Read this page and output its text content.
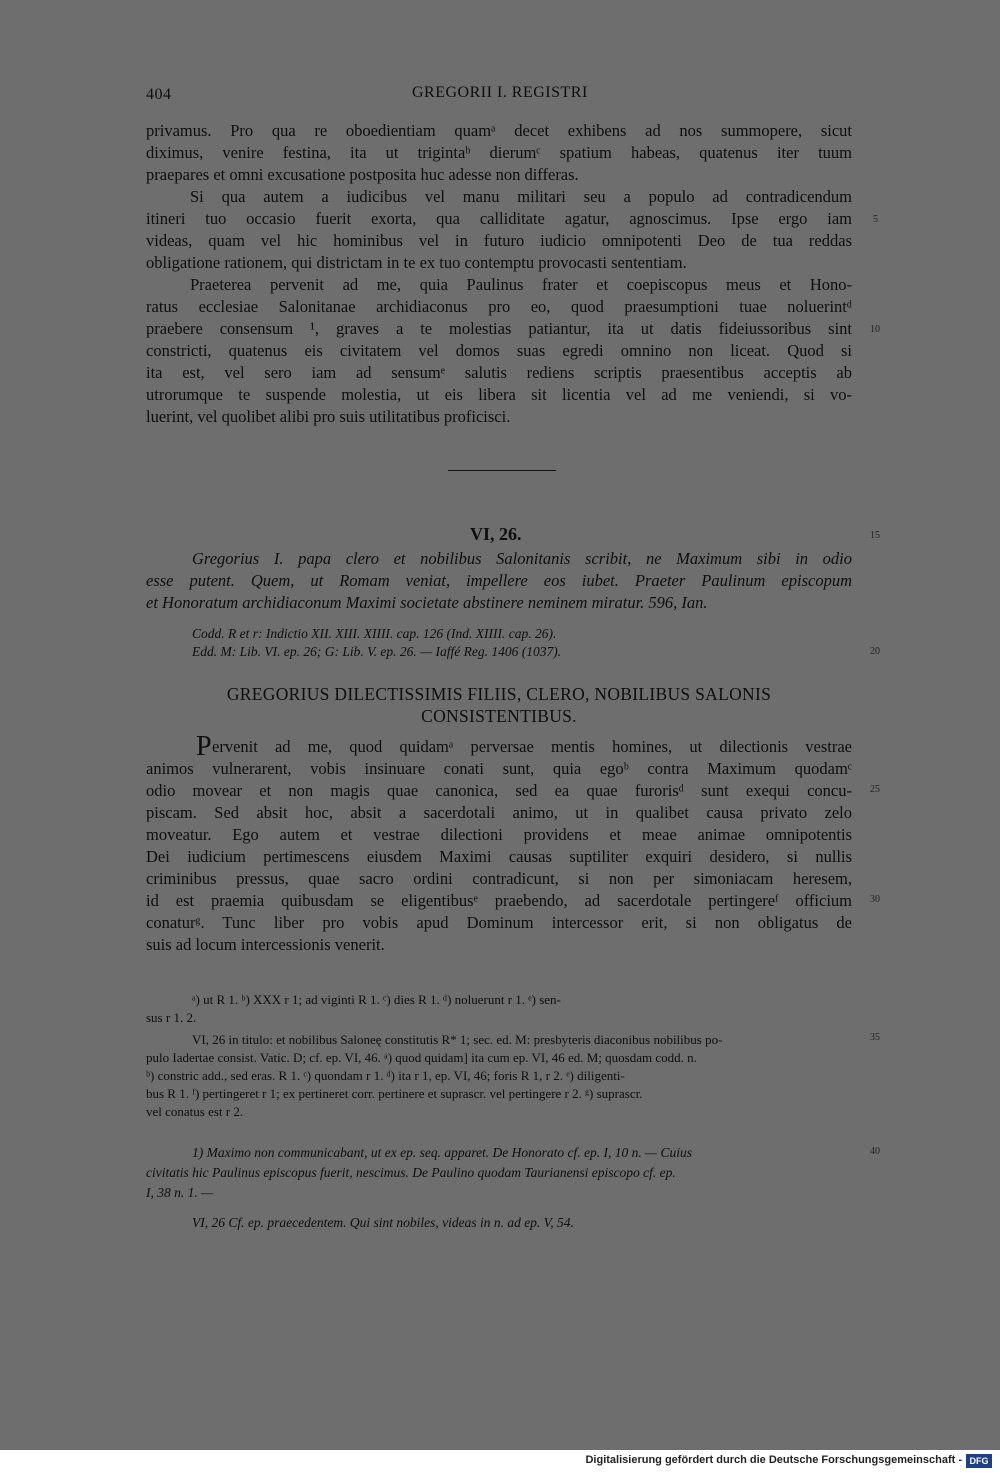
404	GREGORII I. REGISTRI
privamus. Pro qua re oboedientiam quamᵃ decet exhibens ad nos summopere, sicut
diximus, venire festina, ita ut trigintaᵇ dierumᶜ spatium habeas, quatenus iter tuum
praepares et omni excusatione postposita huc adesse non differas.
Si qua autem a iudicibus vel manu militari seu a populo ad contradicendum
itineri tuo occasio fuerit exorta, qua calliditate agatur, agnoscimus. Ipse ergo iam
videas, quam vel hic hominibus vel in futuro iudicio omnipotenti Deo de tua reddas
obligatione rationem, qui districtam in te ex tuo contemptu provocasti sententiam.
Praeterea pervenit ad me, quia Paulinus frater et coepiscopus meus et Hono-
ratus ecclesiae Salonitanae archidiaconus pro eo, quod praesumptioni tuae noluerintᵈ
praebere consensum ¹, graves a te molestias patiantur, ita ut datis fideiussoribus sint
constricti, quatenus eis civitatem vel domos suas egredi omnino non liceat. Quod si
ita est, vel sero iam ad sensumᵉ salutis rediens scriptis praesentibus acceptis ab
utrorumque te suspende molestia, ut eis libera sit licentia vel ad me veniendi, si vo-
luerint, vel quolibet alibi pro suis utilitatibus proficisci.
5
10
15
20
25
30
35
40
VI, 26.
Gregorius I. papa clero et nobilibus Salonitanis scribit, ne Maximum sibi in odio
esse putent. Quem, ut Romam veniat, impellere eos iubet. Praeter Paulinum episcopum
et Honoratum archidiaconum Maximi societate abstinere neminem miratur. 596, Ian.
Codd. R et r: Indictio XII. XIII. XIIII. cap. 126 (Ind. XIIII. cap. 26).
Edd. M: Lib. VI. ep. 26; G: Lib. V. ep. 26. — Iaffé Reg. 1406 (1037).
GREGORIUS DILECTISSIMIS FILIIS, CLERO, NOBILIBUS SALONIS
CONSISTENTIBUS.
P ervenit ad me, quod quidamᵃ perversae mentis homines, ut dilectionis vestrae
animos vulnerarent, vobis insinuare conati sunt, quia egoᵇ contra Maximum quodamᶜ
odio movear et non magis quae canonica, sed ea quae furorisᵈ sunt exequi concu-
piscam. Sed absit hoc, absit a sacerdotali animo, ut in qualibet causa privato zelo
moveatur. Ego autem et vestrae dilectioni providens et meae animae omnipotentis
Dei iudicium pertimescens eiusdem Maximi causas suptiliter exquiri desidero, si nullis
criminibus pressus, quae sacro ordini contradicunt, si non per simoniacam heresem,
id est praemia quibusdam se eligentibusᵉ praebendo, ad sacerdotale pertingereᶠ officium
conaturᵍ. Tunc liber pro vobis apud Dominum intercessor erit, si non obligatus de
suis ad locum intercessionis venerit.
ᵃ) ut R 1. ᵇ) XXX r 1; ad viginti R 1. ᶜ) dies R 1. ᵈ) noluerunt r 1. ᵉ) sen-
sus r 1. 2.
VI, 26 in titulo: et nobilibus Saloneę constitutis R* 1; sec. ed. M: presbyteris diaconibus nobilibus po-
pulo Iadertae consist. Vatic. D; cf. ep. VI, 46. ᵃ) quod quidam] ita cum ep. VI, 46 ed. M; quosdam codd. n.
ᵇ) constric add., sed eras. R 1. ᶜ) quondam r 1. ᵈ) ita r 1, ep. VI, 46; foris R 1, r 2. ᵉ) diligenti-
bus R 1. ᶠ) pertingeret r 1; ex pertineret corr. pertinere et suprascr. vel pertingere r 2. ᵍ) suprascr.
vel conatus est r 2.
1) Maximo non communicabant, ut ex ep. seq. apparet. De Honorato cf. ep. I, 10 n. — Cuius
civitatis hic Paulinus episcopus fuerit, nescimus. De Paulino quodam Taurianensi episcopo cf. ep.
I, 38 n. 1. —
VI, 26 Cf. ep. praecedentem. Qui sint nobiles, videas in n. ad ep. V, 54.
Digitalisierung gefördert durch die Deutsche Forschungsgemeinschaft - DFG
